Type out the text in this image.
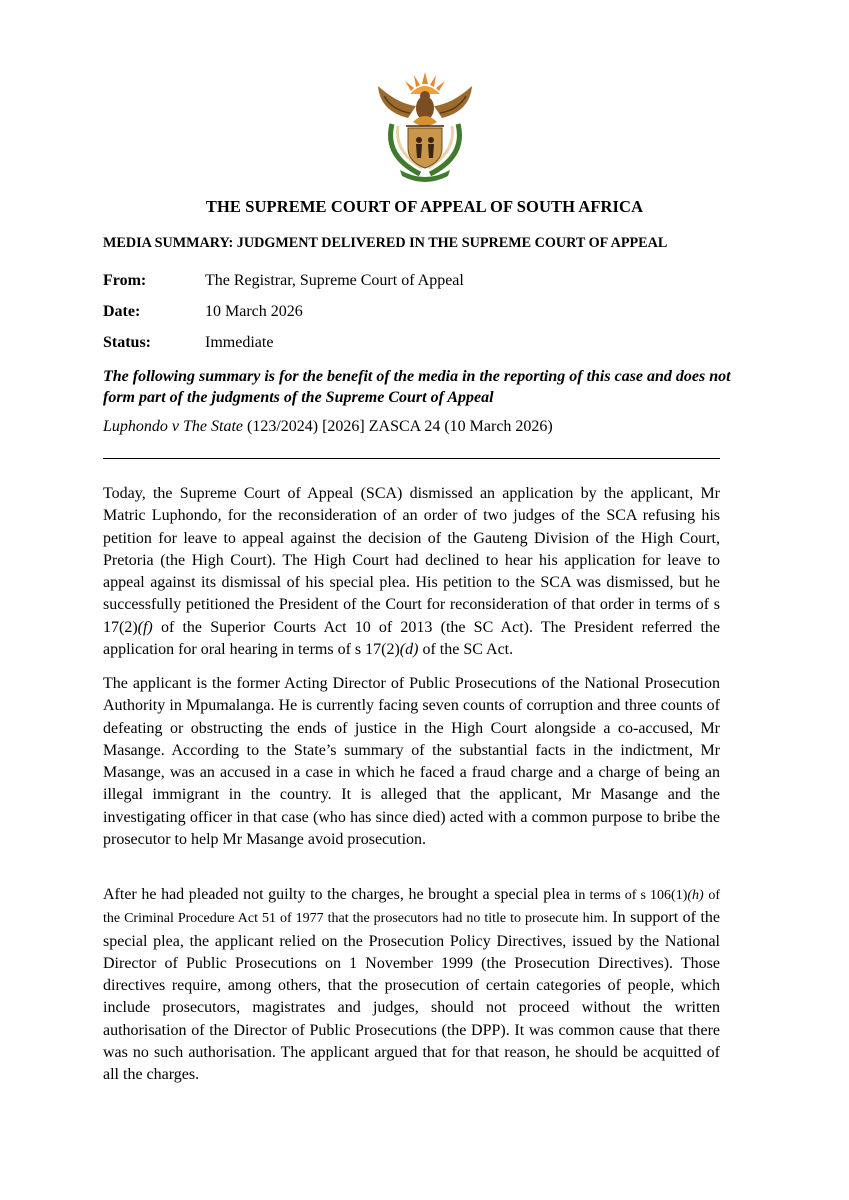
THE SUPREME COURT OF APPEAL OF SOUTH AFRICA
MEDIA SUMMARY: JUDGMENT DELIVERED IN THE SUPREME COURT OF APPEAL
From:	The Registrar, Supreme Court of Appeal
Date:	10 March 2026
Status:	Immediate
The following summary is for the benefit of the media in the reporting of this case and does not form part of the judgments of the Supreme Court of Appeal
Luphondo v The State (123/2024) [2026] ZASCA 24 (10 March 2026)
Today, the Supreme Court of Appeal (SCA) dismissed an application by the applicant, Mr Matric Luphondo, for the reconsideration of an order of two judges of the SCA refusing his petition for leave to appeal against the decision of the Gauteng Division of the High Court, Pretoria (the High Court). The High Court had declined to hear his application for leave to appeal against its dismissal of his special plea. His petition to the SCA was dismissed, but he successfully petitioned the President of the Court for reconsideration of that order in terms of s 17(2)(f) of the Superior Courts Act 10 of 2013 (the SC Act). The President referred the application for oral hearing in terms of s 17(2)(d) of the SC Act.
The applicant is the former Acting Director of Public Prosecutions of the National Prosecution Authority in Mpumalanga. He is currently facing seven counts of corruption and three counts of defeating or obstructing the ends of justice in the High Court alongside a co-accused, Mr Masange. According to the State’s summary of the substantial facts in the indictment, Mr Masange, was an accused in a case in which he faced a fraud charge and a charge of being an illegal immigrant in the country. It is alleged that the applicant, Mr Masange and the investigating officer in that case (who has since died) acted with a common purpose to bribe the prosecutor to help Mr Masange avoid prosecution.
After he had pleaded not guilty to the charges, he brought a special plea in terms of s 106(1)(h) of the Criminal Procedure Act 51 of 1977 that the prosecutors had no title to prosecute him. In support of the special plea, the applicant relied on the Prosecution Policy Directives, issued by the National Director of Public Prosecutions on 1 November 1999 (the Prosecution Directives). Those directives require, among others, that the prosecution of certain categories of people, which include prosecutors, magistrates and judges, should not proceed without the written authorisation of the Director of Public Prosecutions (the DPP). It was common cause that there was no such authorisation. The applicant argued that for that reason, he should be acquitted of all the charges.
